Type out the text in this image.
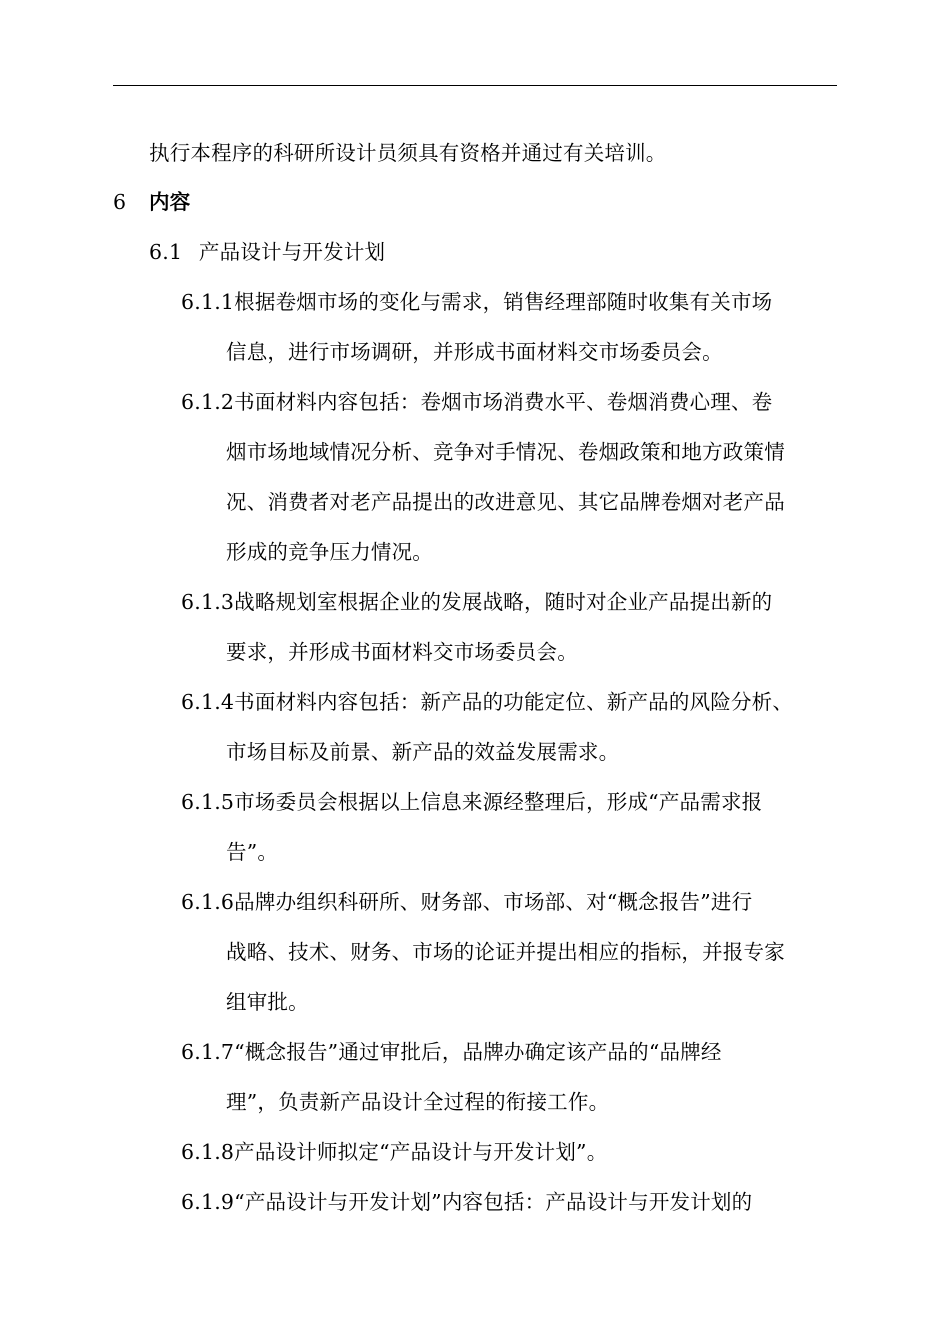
执行本程序的科研所设计员须具有资格并通过有关培训。
6 内容
6.1 产品设计与开发计划
6.1.1根据卷烟市场的变化与需求，销售经理部随时收集有关市场
信息，进行市场调研，并形成书面材料交市场委员会。
6.1.2书面材料内容包括：卷烟市场消费水平、卷烟消费心理、卷
烟市场地域情况分析、竞争对手情况、卷烟政策和地方政策情
况、消费者对老产品提出的改进意见、其它品牌卷烟对老产品
形成的竞争压力情况。
6.1.3战略规划室根据企业的发展战略，随时对企业产品提出新的
要求，并形成书面材料交市场委员会。
6.1.4书面材料内容包括：新产品的功能定位、新产品的风险分析、
市场目标及前景、新产品的效益发展需求。
6.1.5市场委员会根据以上信息来源经整理后，形成“产品需求报
告”。
6.1.6品牌办组织科研所、财务部、市场部、对“概念报告”进行
战略、技术、财务、市场的论证并提出相应的指标，并报专家
组审批。
6.1.7“概念报告”通过审批后，品牌办确定该产品的“品牌经
理”，负责新产品设计全过程的衔接工作。
6.1.8产品设计师拟定“产品设计与开发计划”。
6.1.9“产品设计与开发计划”内容包括：产品设计与开发计划的
